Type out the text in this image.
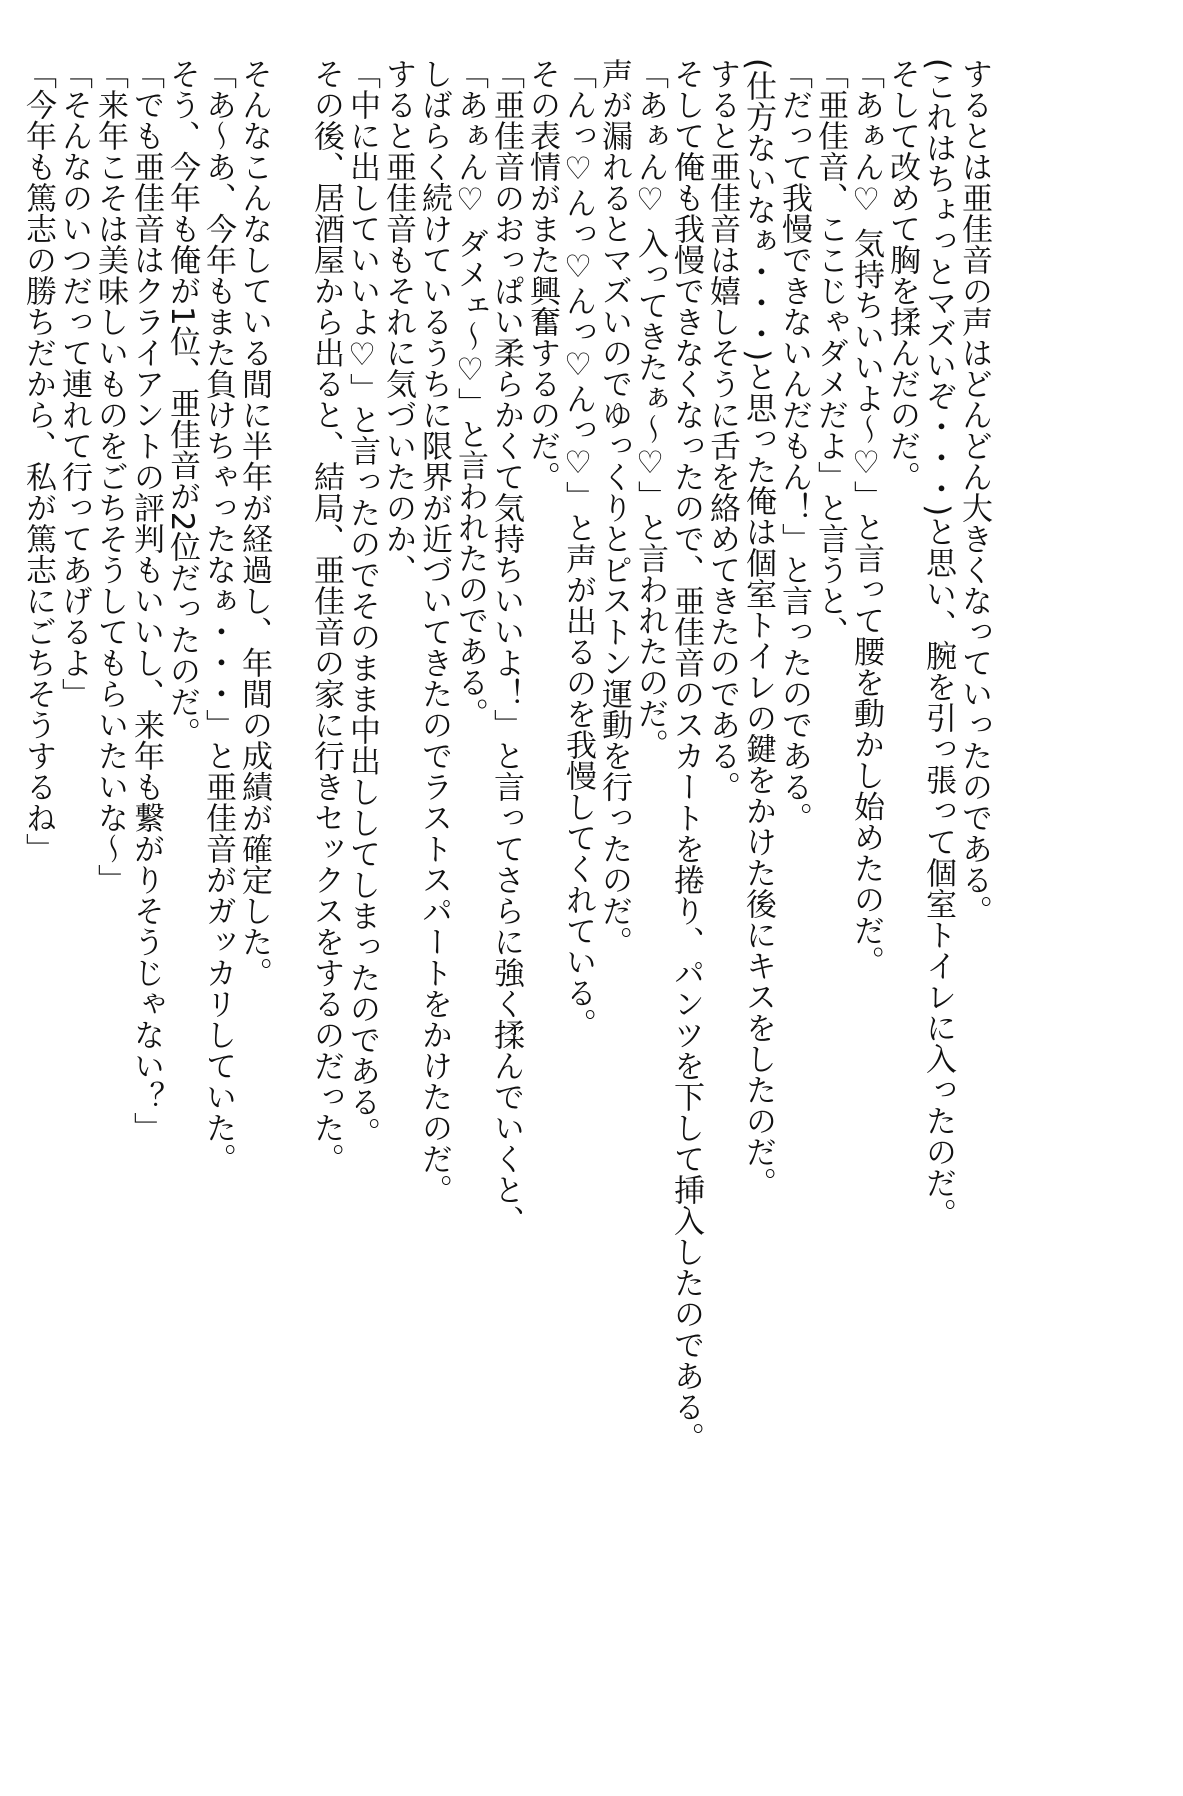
するとは亜佳音の声はどんどん大きくなっていったのである。
(これはちょっとマズいぞ・・・)と思い、腕を引っ張って個室トイレに入ったのだ。
そして改めて胸を揉んだのだ。
「あぁん♡ 気持ちいいよ～♡」と言って腰を動かし始めたのだ。
「亜佳音、ここじゃダメだよ」と言うと、
「だって我慢できないんだもん！」と言ったのである。
(仕方ないなぁ・・・)と思った俺は個室トイレの鍵をかけた後にキスをしたのだ。
すると亜佳音は嬉しそうに舌を絡めてきたのである。
そして俺も我慢できなくなったので、亜佳音のスカートを捲り、パンツを下して挿入したのである。
「あぁん♡ 入ってきたぁ～♡」と言われたのだ。
声が漏れるとマズいのでゆっくりとピストン運動を行ったのだ。
「んっ♡んっ♡んっ♡んっ♡」と声が出るのを我慢してくれている。
その表情がまた興奮するのだ。
「亜佳音のおっぱい柔らかくて気持ちいいよ！」と言ってさらに強く揉んでいくと、
「あぁん♡ ダメェ～♡」と言われたのである。
しばらく続けているうちに限界が近づいてきたのでラストスパートをかけたのだ。
すると亜佳音もそれに気づいたのか、
「中に出していいよ♡」と言ったのでそのまま中出ししてしまったのである。
その後、居酒屋から出ると、結局、亜佳音の家に行きセックスをするのだった。
そんなこんなしている間に半年が経過し、年間の成績が確定した。
「あ～あ、今年もまた負けちゃったなぁ・・・」と亜佳音がガッカリしていた。
そう、今年も俺が1位、亜佳音が2位だったのだ。
「でも亜佳音はクライアントの評判もいいし、来年も繋がりそうじゃない？」
「来年こそは美味しいものをごちそうしてもらいたいな～」
「そんなのいつだって連れて行ってあげるよ」
「今年も篤志の勝ちだから、私が篤志にごちそうするね」
